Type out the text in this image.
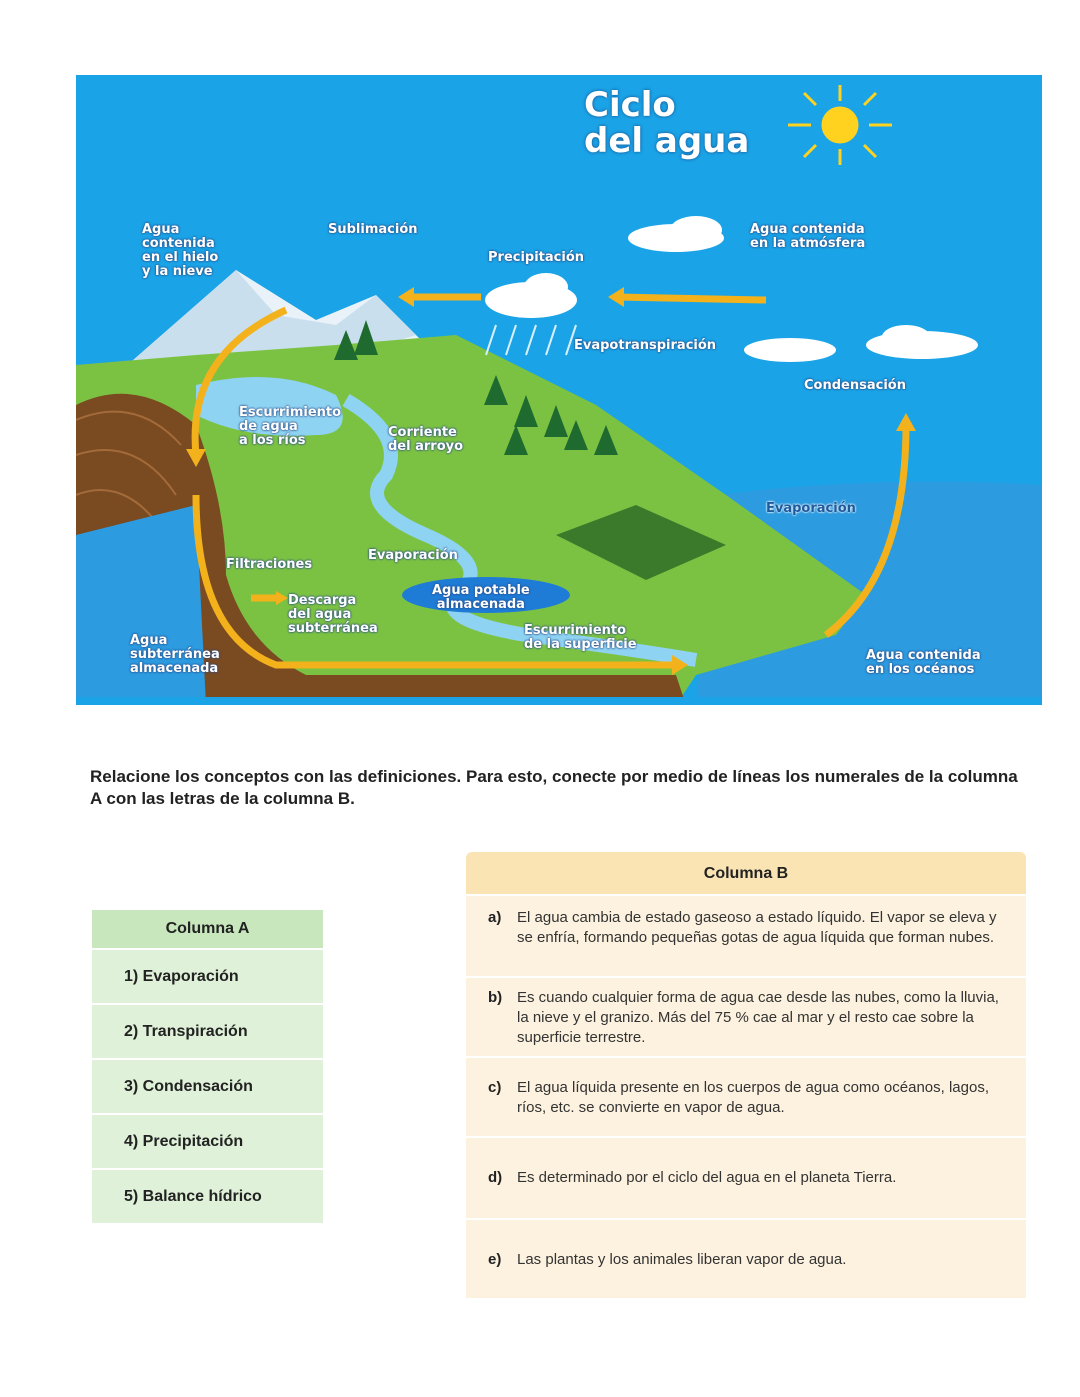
Ciclo
del agua
Agua
contenida
en el hielo
y la nieve
Sublimación
Precipitación
Agua contenida
en la atmósfera
Evapotranspiración
Condensación
Escurrimiento
de agua
a los ríos
Corriente
del arroyo
Evaporación
Filtraciones
Evaporación
Agua potable
almacenada
Descarga
del agua
subterránea	Escurrimiento
de la superficie
Agua
subterránea
almacenada
Agua contenida
en los océanos
Relacione los conceptos con las definiciones. Para esto, conecte por medio de líneas los numerales de la columna A con las letras de la columna B.
Columna A
1) Evaporación
2) Transpiración
3) Condensación
4) Precipitación
5) Balance hídrico
Columna B
a) El agua cambia de estado gaseoso a estado líquido. El vapor se eleva y se enfría, formando pequeñas gotas de agua líquida que forman nubes.
b) Es cuando cualquier forma de agua cae desde las nubes, como la lluvia, la nieve y el granizo. Más del 75 % cae al mar y el resto cae sobre la superficie terrestre.
c) El agua líquida presente en los cuerpos de agua como océanos, lagos, ríos, etc. se convierte en vapor de agua.
d) Es determinado por el ciclo del agua en el planeta Tierra.
e) Las plantas y los animales liberan vapor de agua.
